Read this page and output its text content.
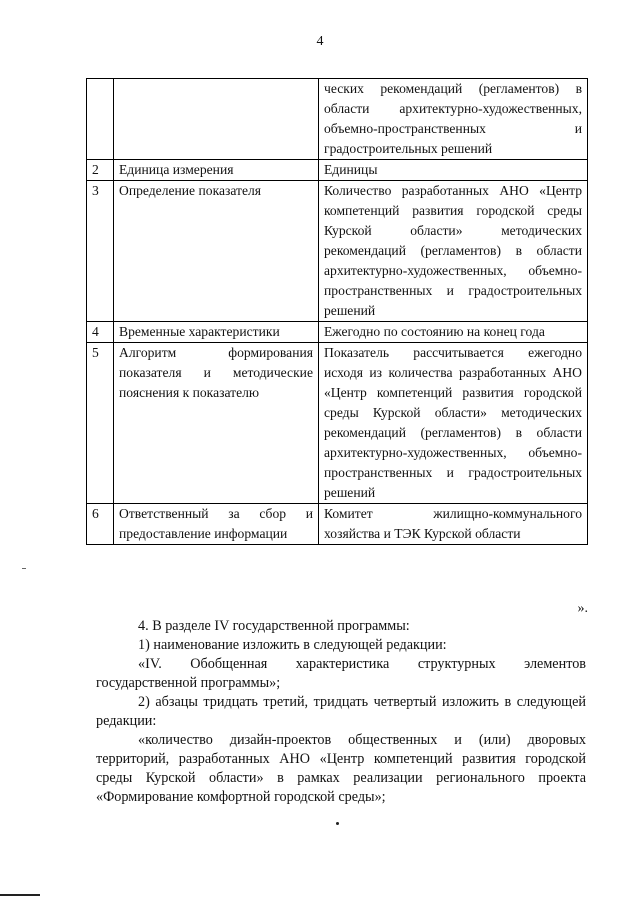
4
		ческих рекомендаций (регламентов) в области архитектурно-художественных, объемно-пространственных и градостроительных решений
2	Единица измерения	Единицы
3	Определение показателя	Количество разработанных АНО «Центр компетенций развития городской среды Курской области» методических рекомендаций (регламентов) в области архитектурно-художественных, объемно-пространственных и градостроительных решений
4	Временные характеристики	Ежегодно по состоянию на конец года
5	Алгоритм формирования показателя и методические пояснения к показателю	Показатель рассчитывается ежегодно исходя из количества разработанных АНО «Центр компетенций развития городской среды Курской области» методических рекомендаций (регламентов) в области архитектурно-художественных, объемно-пространственных и градостроительных решений
6	Ответственный за сбор и предоставление информации	Комитет жилищно-коммунального хозяйства и ТЭК Курской области
».

4. В разделе IV государственной программы:

1) наименование изложить в следующей редакции:

«IV. Обобщенная характеристика структурных элементов государственной программы»;

2) абзацы тридцать третий, тридцать четвертый изложить в следующей редакции:

«количество дизайн-проектов общественных и (или) дворовых территорий, разработанных АНО «Центр компетенций развития городской среды Курской области» в рамках реализации регионального проекта «Формирование комфортной городской среды»;
